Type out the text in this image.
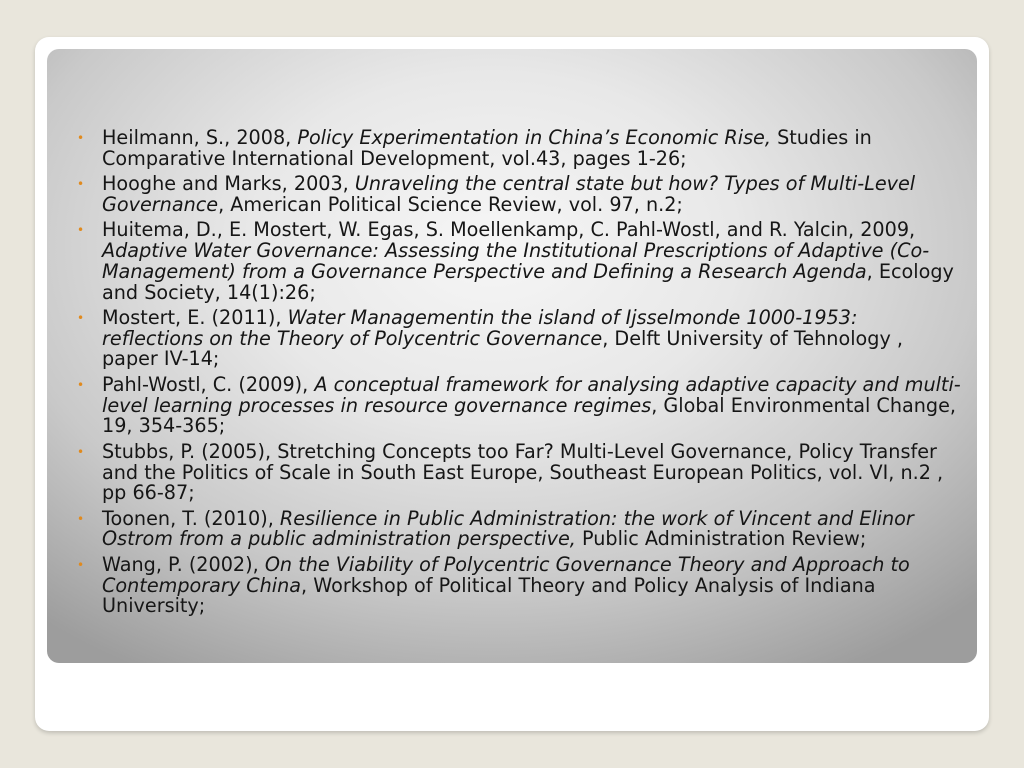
• Heilmann, S., 2008, Policy Experimentation in China’s Economic Rise, Studies in Comparative International Development, vol.43, pages 1-26;
• Hooghe and Marks, 2003, Unraveling the central state but how? Types of Multi-Level Governance, American Political Science Review, vol. 97, n.2;
• Huitema, D., E. Mostert, W. Egas, S. Moellenkamp, C. Pahl-Wostl, and R. Yalcin, 2009, Adaptive Water Governance: Assessing the Institutional Prescriptions of Adaptive (Co-Management) from a Governance Perspective and Defining a Research Agenda, Ecology and Society, 14(1):26;
• Mostert, E. (2011), Water Managementin the island of Ijsselmonde 1000-1953: reflections on the Theory of Polycentric Governance, Delft University of Tehnology , paper IV-14;
• Pahl-Wostl, C. (2009), A conceptual framework for analysing adaptive capacity and multi-level learning processes in resource governance regimes, Global Environmental Change, 19, 354-365;
• Stubbs, P. (2005), Stretching Concepts too Far? Multi-Level Governance, Policy Transfer and the Politics of Scale in South East Europe, Southeast European Politics, vol. VI, n.2 , pp 66-87;
• Toonen, T. (2010), Resilience in Public Administration: the work of Vincent and Elinor Ostrom from a public administration perspective, Public Administration Review;
• Wang, P. (2002), On the Viability of Polycentric Governance Theory and Approach to Contemporary China, Workshop of Political Theory and Policy Analysis of Indiana University;
